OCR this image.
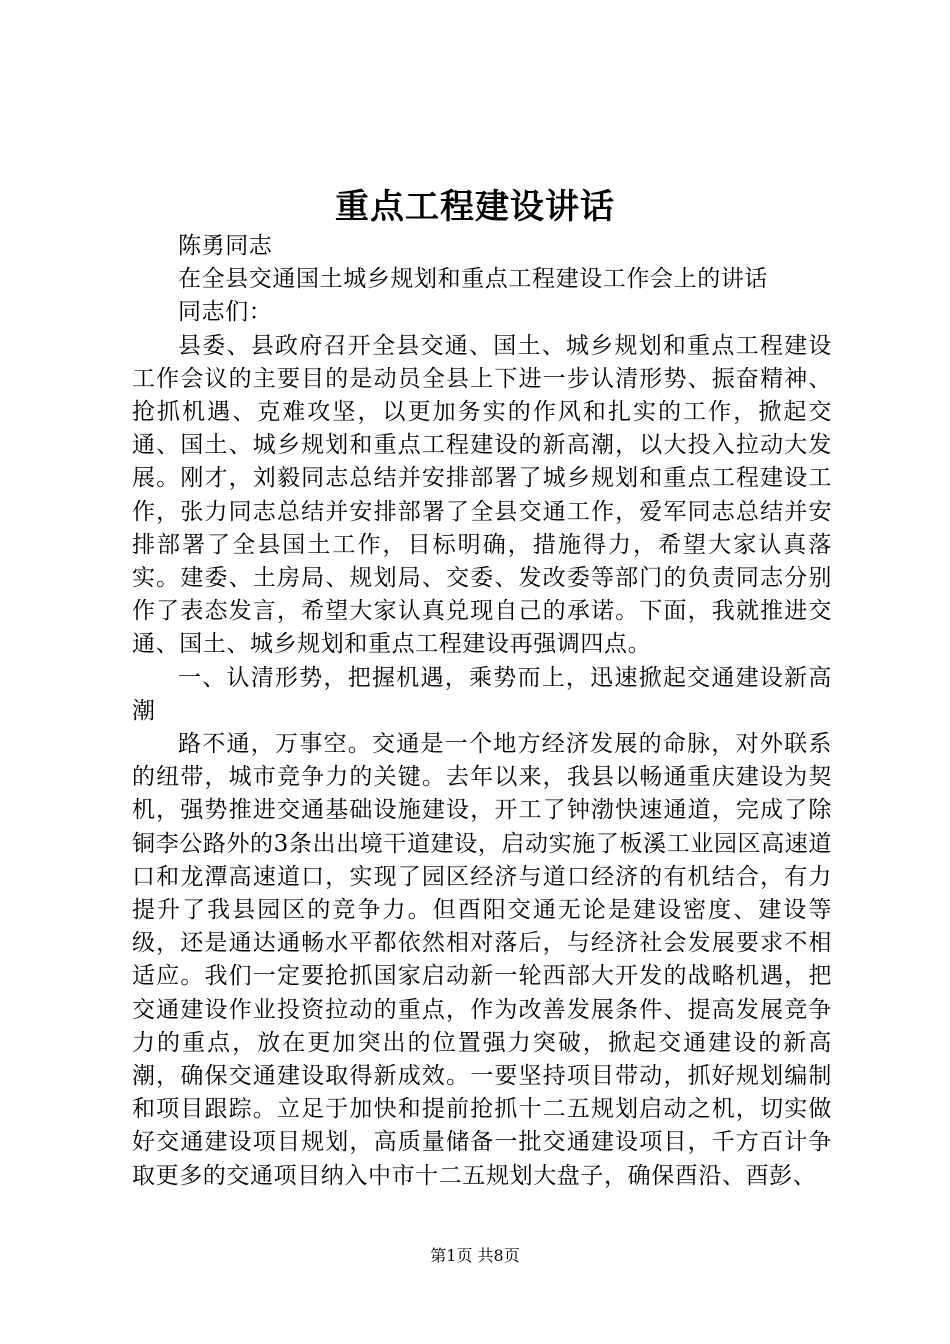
重点工程建设讲话

陈勇同志

在全县交通国土城乡规划和重点工程建设工作会上的讲话

同志们：

县委、县政府召开全县交通、国土、城乡规划和重点工程建设工作会议的主要目的是动员全县上下进一步认清形势、振奋精神、抢抓机遇、克难攻坚，以更加务实的作风和扎实的工作，掀起交通、国土、城乡规划和重点工程建设的新高潮，以大投入拉动大发展。刚才，刘毅同志总结并安排部署了城乡规划和重点工程建设工作，张力同志总结并安排部署了全县交通工作，爱军同志总结并安排部署了全县国土工作，目标明确，措施得力，希望大家认真落实。建委、土房局、规划局、交委、发改委等部门的负责同志分别作了表态发言，希望大家认真兑现自己的承诺。下面，我就推进交通、国土、城乡规划和重点工程建设再强调四点。

一、认清形势，把握机遇，乘势而上，迅速掀起交通建设新高潮

路不通，万事空。交通是一个地方经济发展的命脉，对外联系的纽带，城市竞争力的关键。去年以来，我县以畅通重庆建设为契机，强势推进交通基础设施建设，开工了钟渤快速通道，完成了除铜李公路外的3条出出境干道建设，启动实施了板溪工业园区高速道口和龙潭高速道口，实现了园区经济与道口经济的有机结合，有力提升了我县园区的竞争力。但酉阳交通无论是建设密度、建设等级，还是通达通畅水平都依然相对落后，与经济社会发展要求不相适应。我们一定要抢抓国家启动新一轮西部大开发的战略机遇，把交通建设作业投资拉动的重点，作为改善发展条件、提高发展竞争力的重点，放在更加突出的位置强力突破，掀起交通建设的新高潮，确保交通建设取得新成效。一要坚持项目带动，抓好规划编制和项目跟踪。立足于加快和提前抢抓十二五规划启动之机，切实做好交通建设项目规划，高质量储备一批交通建设项目，千方百计争取更多的交通项目纳入中市十二五规划大盘子，确保酉沿、酉彭、

第1页 共8页
